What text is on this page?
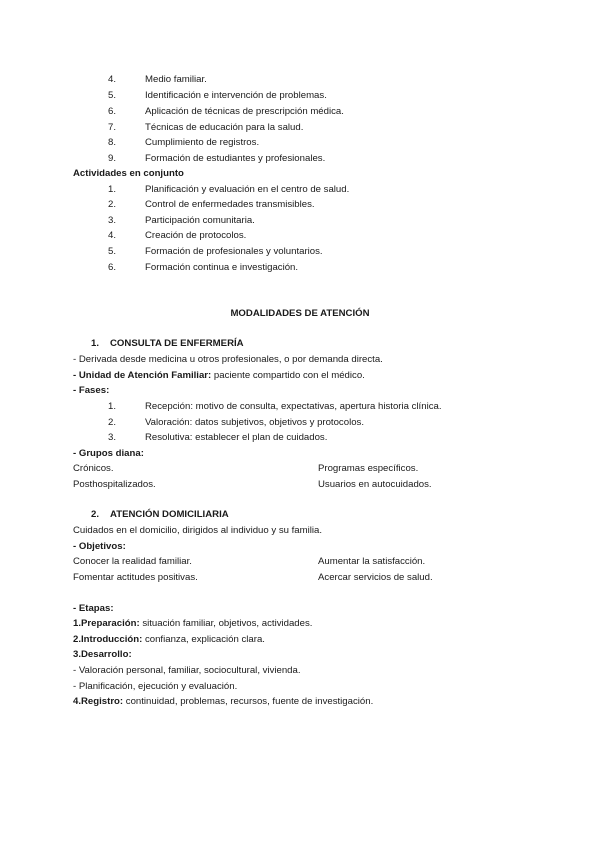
4.	Medio familiar.
5.	Identificación e intervención de problemas.
6.	Aplicación de técnicas de prescripción médica.
7.	Técnicas de educación para la salud.
8.	Cumplimiento de registros.
9.	Formación de estudiantes y profesionales.
Actividades en conjunto
1.	Planificación y evaluación en el centro de salud.
2.	Control de enfermedades transmisibles.
3.	Participación comunitaria.
4.	Creación de protocolos.
5.	Formación de profesionales y voluntarios.
6.	Formación continua e investigación.
MODALIDADES DE ATENCIÓN
1. CONSULTA DE ENFERMERÍA
- Derivada desde medicina u otros profesionales, o por demanda directa.
- Unidad de Atención Familiar: paciente compartido con el médico.
- Fases:
1.	Recepción: motivo de consulta, expectativas, apertura historia clínica.
2.	Valoración: datos subjetivos, objetivos y protocolos.
3.	Resolutiva: establecer el plan de cuidados.
- Grupos diana:
Crónicos.	Programas específicos.
Posthospitalizados.	Usuarios en autocuidados.
2. ATENCIÓN DOMICILIARIA
Cuidados en el domicilio, dirigidos al individuo y su familia.
- Objetivos:
Conocer la realidad familiar.	Aumentar la satisfacción.
Fomentar actitudes positivas.	Acercar servicios de salud.
- Etapas:
1.Preparación: situación familiar, objetivos, actividades.
2.Introducción: confianza, explicación clara.
3.Desarrollo:
- Valoración personal, familiar, sociocultural, vivienda.
- Planificación, ejecución y evaluación.
4.Registro: continuidad, problemas, recursos, fuente de investigación.
